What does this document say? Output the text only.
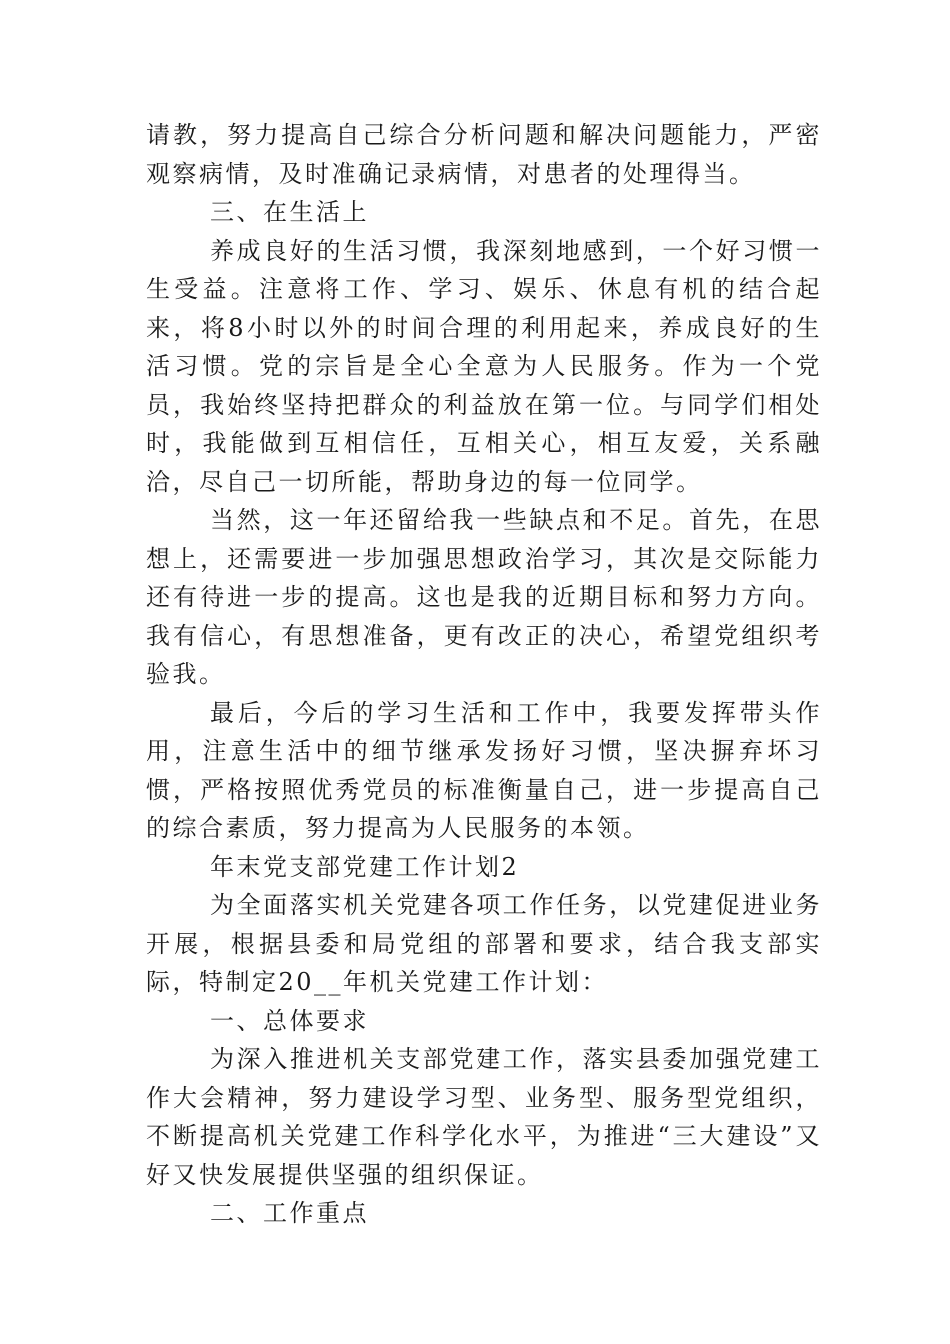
请教，努力提高自己综合分析问题和解决问题能力，严密观察病情，及时准确记录病情，对患者的处理得当。

三、在生活上

养成良好的生活习惯，我深刻地感到，一个好习惯一生受益。注意将工作、学习、娱乐、休息有机的结合起来，将8小时以外的时间合理的利用起来，养成良好的生活习惯。党的宗旨是全心全意为人民服务。作为一个党员，我始终坚持把群众的利益放在第一位。与同学们相处时，我能做到互相信任，互相关心，相互友爱，关系融洽，尽自己一切所能，帮助身边的每一位同学。

当然，这一年还留给我一些缺点和不足。首先，在思想上，还需要进一步加强思想政治学习，其次是交际能力还有待进一步的提高。这也是我的近期目标和努力方向。我有信心，有思想准备，更有改正的决心，希望党组织考验我。

最后，今后的学习生活和工作中，我要发挥带头作用，注意生活中的细节继承发扬好习惯，坚决摒弃坏习惯，严格按照优秀党员的标准衡量自己，进一步提高自己的综合素质，努力提高为人民服务的本领。

年末党支部党建工作计划2

为全面落实机关党建各项工作任务，以党建促进业务开展，根据县委和局党组的部署和要求，结合我支部实际，特制定20__年机关党建工作计划：

一、总体要求

为深入推进机关支部党建工作，落实县委加强党建工作大会精神，努力建设学习型、业务型、服务型党组织，不断提高机关党建工作科学化水平，为推进“三大建设”又好又快发展提供坚强的组织保证。

二、工作重点
